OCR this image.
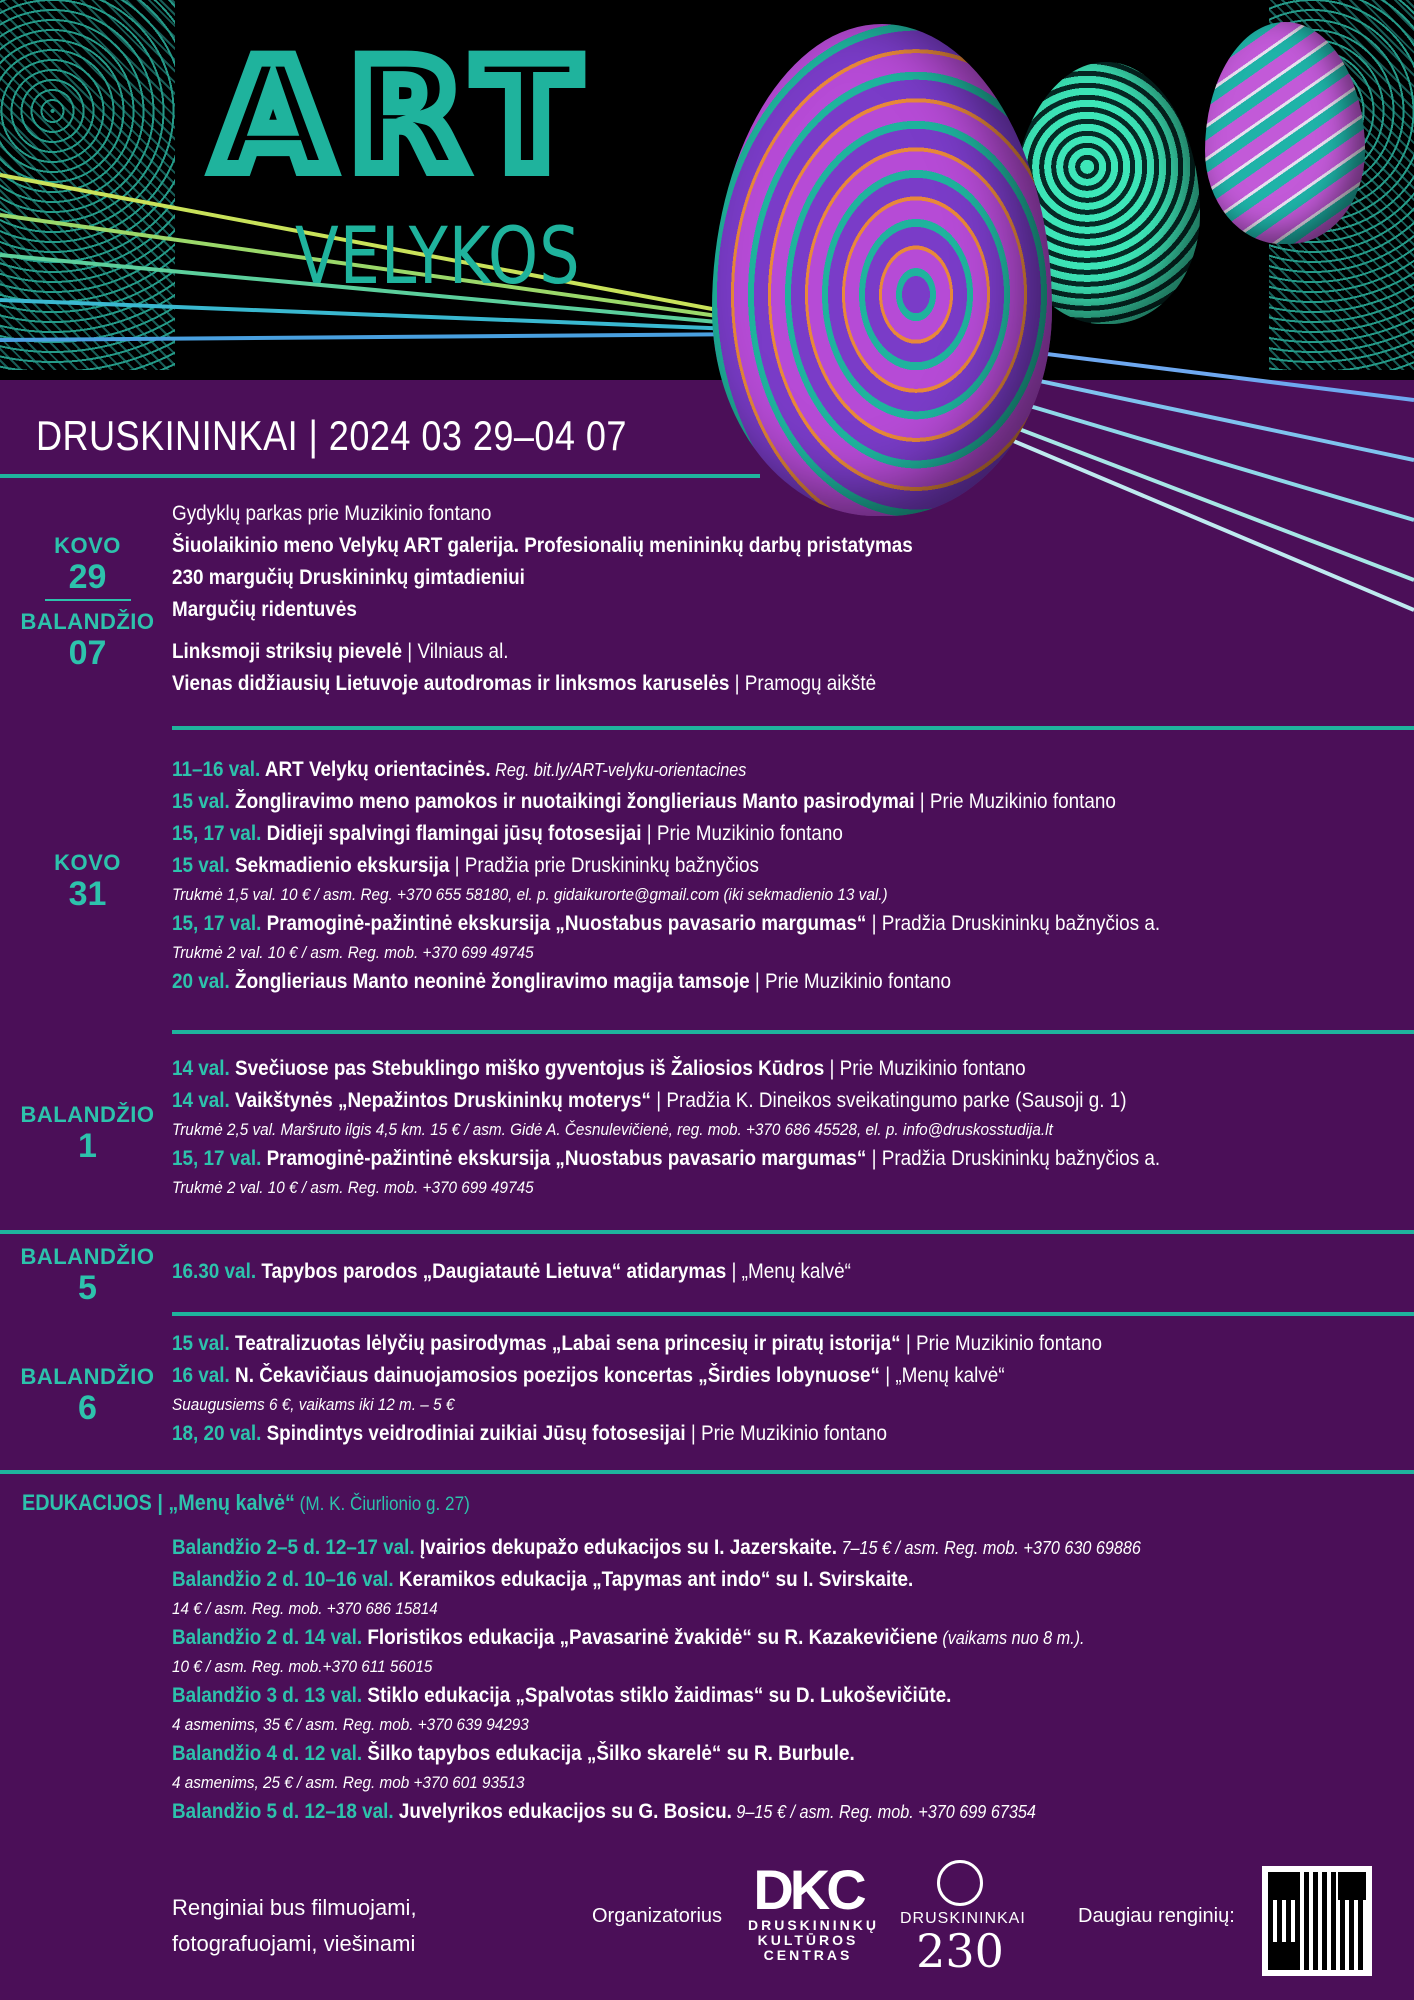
ART
VELYKOS
DRUSKININKAI | 2024 03 29–04 07
KOVO
29
BALANDŽIO
07
Gydyklų parkas prie Muzikinio fontano
Šiuolaikinio meno Velykų ART galerija. Profesionalių menininkų darbų pristatymas
230 margučių Druskininkų gimtadieniui
Margučių ridentuvės
Linksmoji striksių pievelė | Vilniaus al.
Vienas didžiausių Lietuvoje autodromas ir linksmos karuselės | Pramogų aikštė
KOVO
31
11–16 val. ART Velykų orientacinės. Reg. bit.ly/ART-velyku-orientacines
15 val. Žongliravimo meno pamokos ir nuotaikingi žonglieriaus Manto pasirodymai | Prie Muzikinio fontano
15, 17 val. Didieji spalvingi flamingai jūsų fotosesijai | Prie Muzikinio fontano
15 val. Sekmadienio ekskursija | Pradžia prie Druskininkų bažnyčios
Trukmė 1,5 val. 10 € / asm. Reg. +370 655 58180, el. p. gidaikurorte@gmail.com (iki sekmadienio 13 val.)
15, 17 val. Pramoginė-pažintinė ekskursija „Nuostabus pavasario margumas“ | Pradžia Druskininkų bažnyčios a.
Trukmė 2 val. 10 € / asm. Reg. mob. +370 699 49745
20 val. Žonglieriaus Manto neoninė žongliravimo magija tamsoje | Prie Muzikinio fontano
BALANDŽIO
1
14 val. Svečiuose pas Stebuklingo miško gyventojus iš Žaliosios Kūdros | Prie Muzikinio fontano
14 val. Vaikštynės „Nepažintos Druskininkų moterys“ | Pradžia K. Dineikos sveikatingumo parke (Sausoji g. 1)
Trukmė 2,5 val. Maršruto ilgis 4,5 km. 15 € / asm. Gidė A. Česnulevičienė, reg. mob. +370 686 45528, el. p. info@druskosstudija.lt
15, 17 val. Pramoginė-pažintinė ekskursija „Nuostabus pavasario margumas“ | Pradžia Druskininkų bažnyčios a.
Trukmė 2 val. 10 € / asm. Reg. mob. +370 699 49745
BALANDŽIO
5	16.30 val. Tapybos parodos „Daugiatautė Lietuva“ atidarymas | „Menų kalvė“
BALANDŽIO
6
15 val. Teatralizuotas lėlyčių pasirodymas „Labai sena princesių ir piratų istorija“ | Prie Muzikinio fontano
16 val. N. Čekavičiaus dainuojamosios poezijos koncertas „Širdies lobynuose“ | „Menų kalvė“
Suaugusiems 6 €, vaikams iki 12 m. – 5 €
18, 20 val. Spindintys veidrodiniai zuikiai Jūsų fotosesijai | Prie Muzikinio fontano
EDUKACIJOS | „Menų kalvė“ (M. K. Čiurlionio g. 27)
Balandžio 2–5 d. 12–17 val. Įvairios dekupažo edukacijos su I. Jazerskaite. 7–15 € / asm. Reg. mob. +370 630 69886
Balandžio 2 d. 10–16 val. Keramikos edukacija „Tapymas ant indo“ su I. Svirskaite.
14 € / asm. Reg. mob. +370 686 15814
Balandžio 2 d. 14 val. Floristikos edukacija „Pavasarinė žvakidė“ su R. Kazakevičiene (vaikams nuo 8 m.).
10 € / asm. Reg. mob.+370 611 56015
Balandžio 3 d. 13 val. Stiklo edukacija „Spalvotas stiklo žaidimas“ su D. Lukoševičiūte.
4 asmenims, 35 € / asm. Reg. mob. +370 639 94293
Balandžio 4 d. 12 val. Šilko tapybos edukacija „Šilko skarelė“ su R. Burbule.
4 asmenims, 25 € / asm. Reg. mob +370 601 93513
Balandžio 5 d. 12–18 val. Juvelyrikos edukacijos su G. Bosicu. 9–15 € / asm. Reg. mob. +370 699 67354
Renginiai bus filmuojami,
fotografuojami, viešinami
Organizatorius DKC
DRUSKININKŲ
KULTŪROS
CENTRAS
DRUSKININKAI
230
Daugiau renginių:
